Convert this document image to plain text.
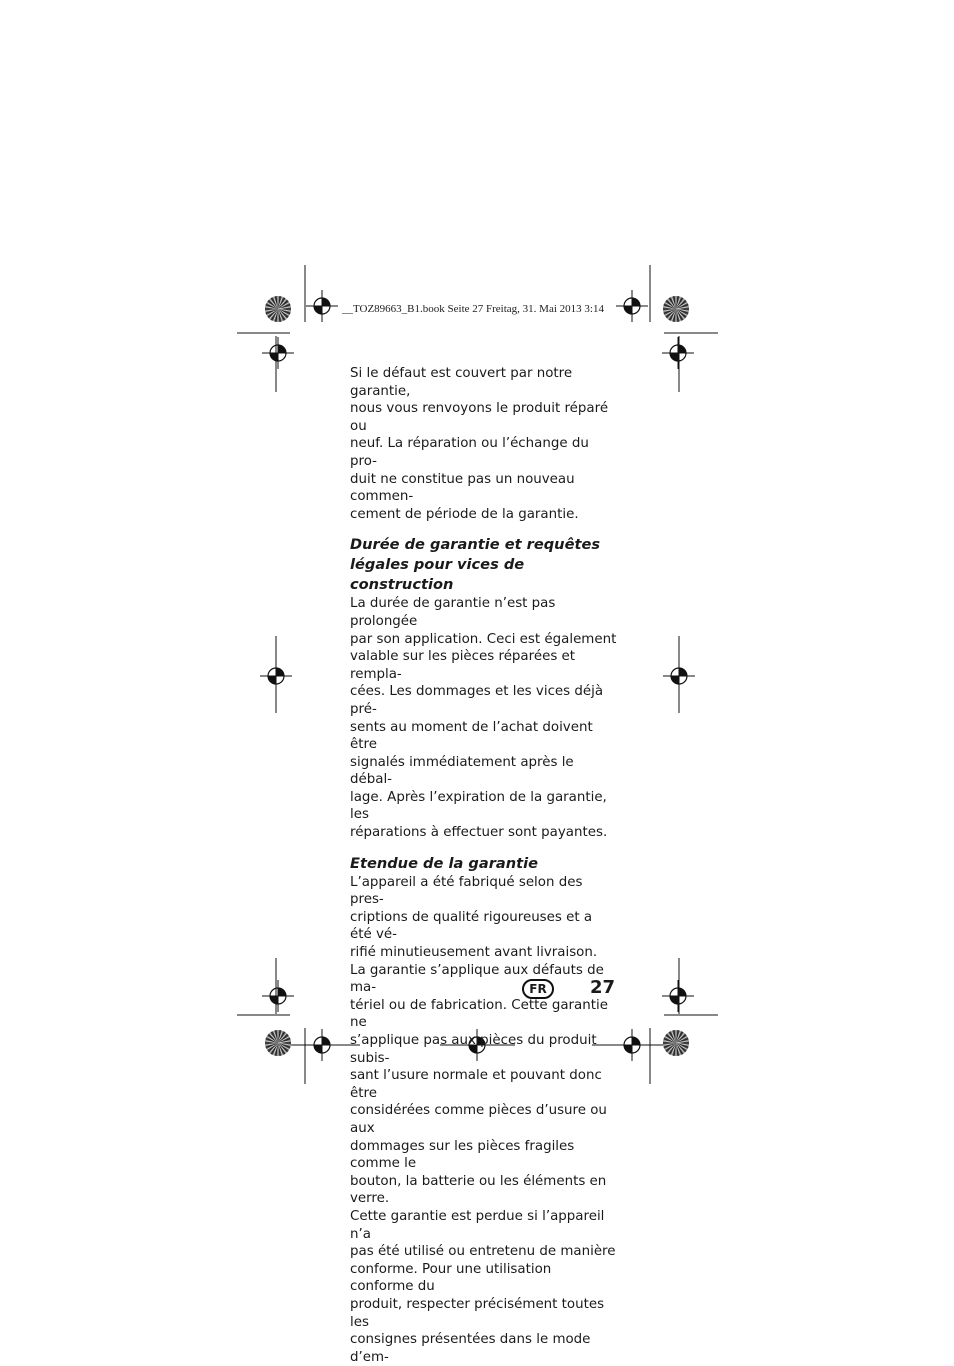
__TOZ89663_B1.book Seite 27 Freitag, 31. Mai 2013 3:14

Si le défaut est couvert par notre garantie,
nous vous renvoyons le produit réparé ou
neuf. La réparation ou l’échange du pro-
duit ne constitue pas un nouveau commen-
cement de période de la garantie.

Durée de garantie et requêtes
légales pour vices de construction

La durée de garantie n’est pas prolongée
par son application. Ceci est également
valable sur les pièces réparées et rempla-
cées. Les dommages et les vices déjà pré-
sents au moment de l’achat doivent être
signalés immédiatement après le débal-
lage. Après l’expiration de la garantie, les
réparations à effectuer sont payantes.

Etendue de la garantie

L’appareil a été fabriqué selon des pres-
criptions de qualité rigoureuses et a été vé-
rifié minutieusement avant livraison.

La garantie s’applique aux défauts de ma-
tériel ou de fabrication. Cette garantie ne
s’applique pas aux pièces du produit subis-
sant l’usure normale et pouvant donc être
considérées comme pièces d’usure ou aux
dommages sur les pièces fragiles comme le
bouton, la batterie ou les éléments en
verre.

Cette garantie est perdue si l’appareil n’a
pas été utilisé ou entretenu de manière
conforme. Pour une utilisation conforme du
produit, respecter précisément toutes les
consignes présentées dans le mode d’em-

FR	27
